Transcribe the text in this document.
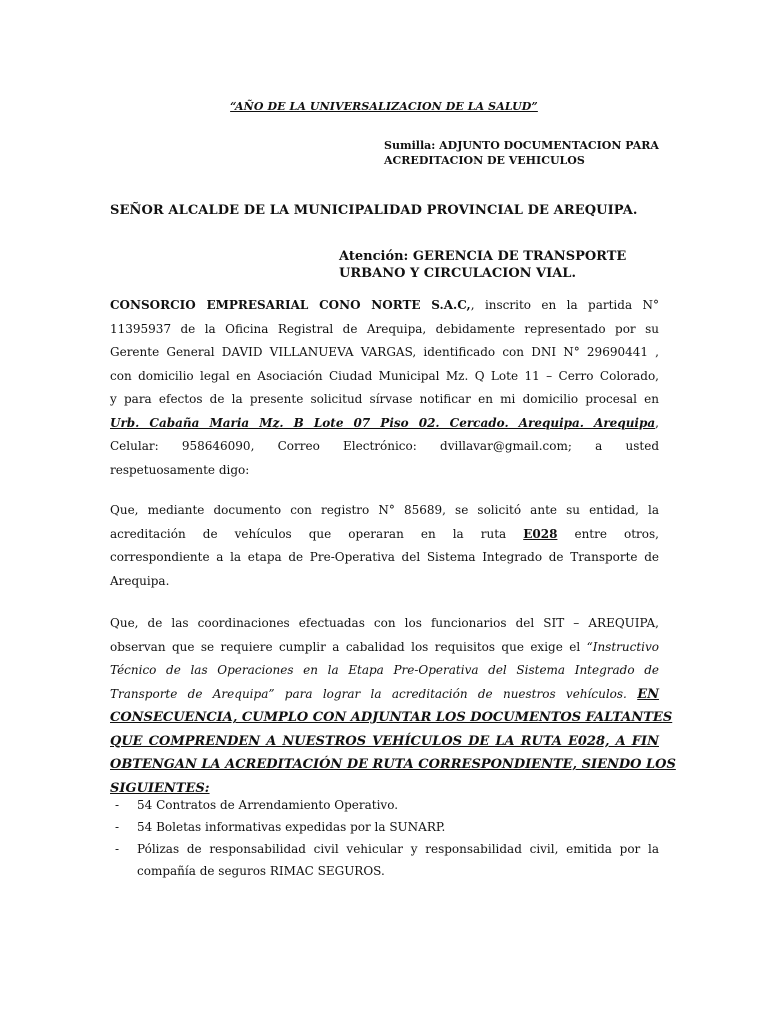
“AÑO DE LA UNIVERSALIZACION DE LA SALUD”
Sumilla: ADJUNTO DOCUMENTACION PARA
ACREDITACION DE VEHICULOS
SEÑOR ALCALDE DE LA MUNICIPALIDAD PROVINCIAL DE AREQUIPA.
Atención: GERENCIA DE TRANSPORTE
URBANO Y CIRCULACION VIAL.
CONSORCIO EMPRESARIAL CONO NORTE S.A.C,, inscrito en la partida N°
11395937 de la Oficina Registral de Arequipa, debidamente representado por su
Gerente General DAVID VILLANUEVA VARGAS, identificado con DNI N° 29690441 ,
con domicilio legal en Asociación Ciudad Municipal Mz. Q Lote 11 – Cerro Colorado,
y para efectos de la presente solicitud sírvase notificar en mi domicilio procesal en
Urb. Cabaña Maria Mz. B Lote 07 Piso 02. Cercado. Arequipa. Arequipa,
Celular: 958646090, Correo Electrónico: dvillavar@gmail.com; a usted
respetuosamente digo:
Que, mediante documento con registro N° 85689, se solicitó ante su entidad, la
acreditación de vehículos que operaran en la ruta E028 entre otros,
correspondiente a la etapa de Pre-Operativa del Sistema Integrado de Transporte de
Arequipa.
Que, de las coordinaciones efectuadas con los funcionarios del SIT – AREQUIPA,
observan que se requiere cumplir a cabalidad los requisitos que exige el “Instructivo
Técnico de las Operaciones en la Etapa Pre-Operativa del Sistema Integrado de
Transporte de Arequipa” para lograr la acreditación de nuestros vehículos. EN
CONSECUENCIA, CUMPLO CON ADJUNTAR LOS DOCUMENTOS FALTANTES
QUE COMPRENDEN A NUESTROS VEHÍCULOS DE LA RUTA E028, A FIN
OBTENGAN LA ACREDITACIÓN DE RUTA CORRESPONDIENTE, SIENDO LOS
SIGUIENTES:
- 54 Contratos de Arrendamiento Operativo.
- 54 Boletas informativas expedidas por la SUNARP.
- Pólizas de responsabilidad civil vehicular y responsabilidad civil, emitida por la compañía de seguros RIMAC SEGUROS.
